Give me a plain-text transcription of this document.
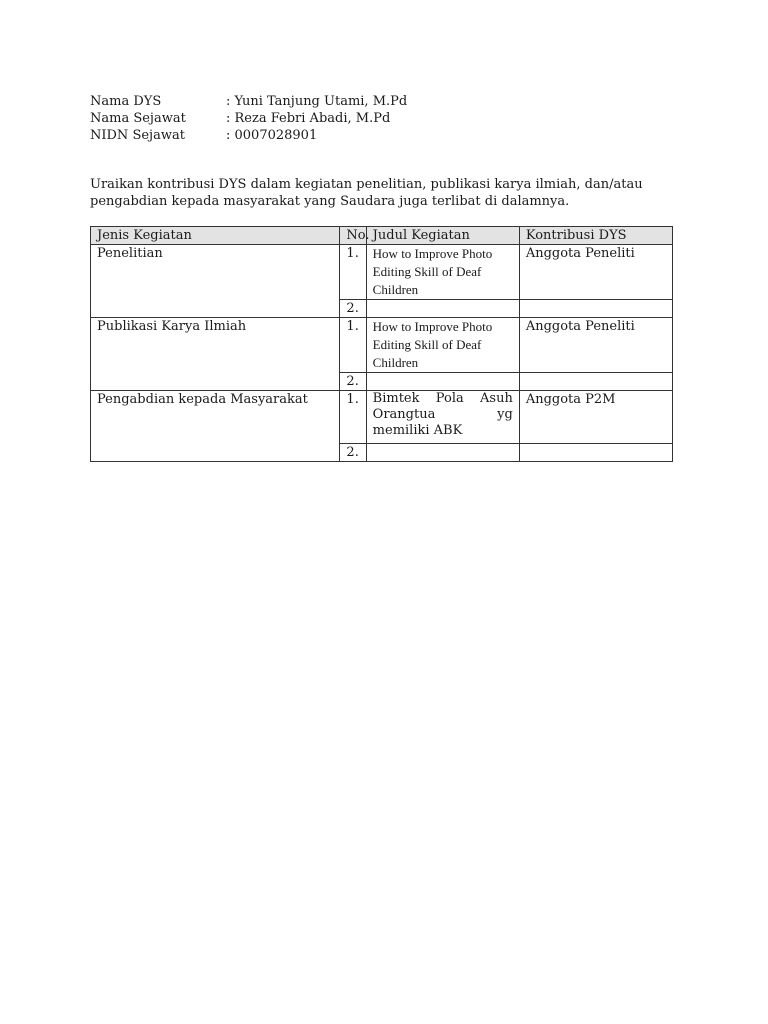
Nama DYS	: Yuni Tanjung Utami, M.Pd
Nama Sejawat	: Reza Febri Abadi, M.Pd
NIDN Sejawat	: 0007028901
Uraikan kontribusi DYS dalam kegiatan penelitian, publikasi karya ilmiah, dan/atau
pengabdian kepada masyarakat yang Saudara juga terlibat di dalamnya.
Jenis Kegiatan	No.	Judul Kegiatan	Kontribusi DYS
Penelitian	1.	How to Improve Photo Editing Skill of Deaf Children	Anggota Peneliti
	2.		
Publikasi Karya Ilmiah	1.	How to Improve Photo Editing Skill of Deaf Children	Anggota Peneliti
	2.		
Pengabdian kepada Masyarakat	1.	Bimtek Pola Asuh Orangtua yg memiliki ABK	Anggota P2M
	2.		
